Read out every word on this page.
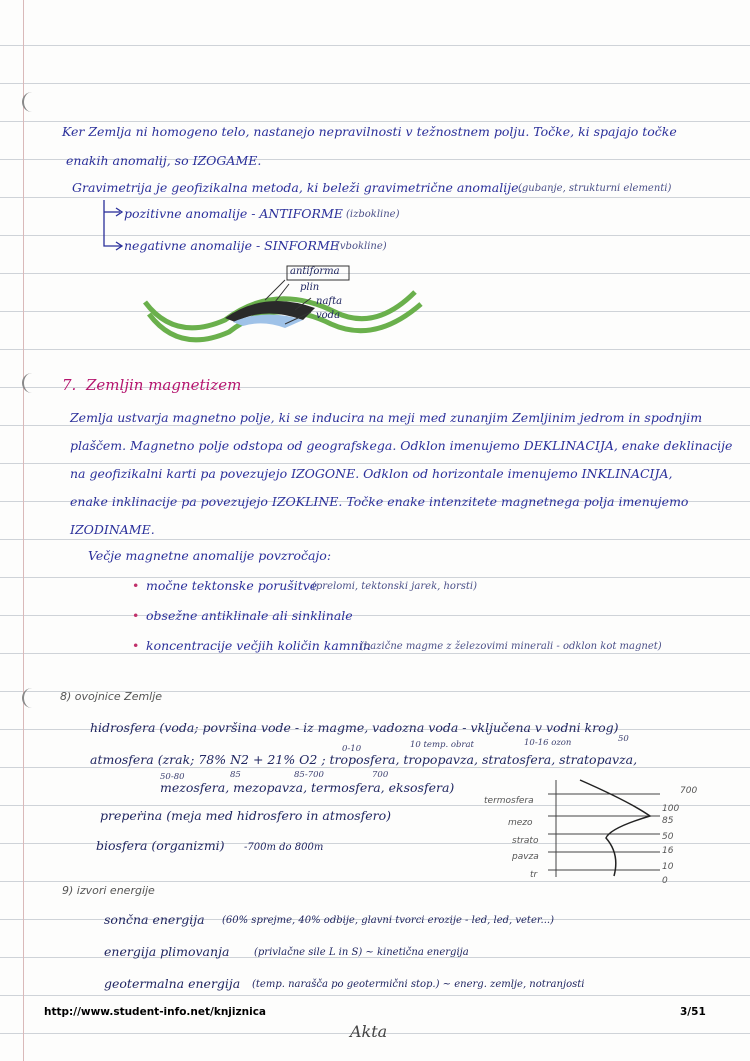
Ker Zemlja ni homogeno telo, nastanejo nepravilnosti v težnostnem polju. Točke, ki spajajo točke
enakih anomalij, so IZOGAME.
Gravimetrija je geofizikalna metoda, ki beleži gravimetrične anomalije.
(gubanje, strukturni elementi)
pozitivne anomalije - ANTIFORME (izbokline)
negativne anomalije - SINFORME
(vbokline)
antiforma
plin
nafta
voda
7. Zemljin magnetizem
Zemlja ustvarja magnetno polje, ki se inducira na meji med zunanjim Zemljinim jedrom in spodnjim
plaščem. Magnetno polje odstopa od geografskega. Odklon imenujemo DEKLINACIJA, enake deklinacije
na geofizikalni karti pa povezujejo IZOGONE. Odklon od horizontale imenujemo INKLINACIJA,
enake inklinacije pa povezujejo IZOKLINE. Točke enake intenzitete magnetnega polja imenujemo
IZODINAME.
Večje magnetne anomalije povzročajo:
• močne tektonske porušitve
(prelomi, tektonski jarek, horsti)
• obsežne antiklinale ali sinklinale
• koncentracije večjih količin kamnin
(bazične magme z železovimi minerali - odklon kot magnet)
8) ovojnice Zemlje
hidrosfera (voda; površina vode - iz magme, vadozna voda - vključena v vodni krog)
0-10	10 temp. obrat	10-16 ozon	50
atmosfera (zrak; 78% N2 + 21% O2 ; troposfera, tropopavza, stratosfera, stratopavza,
50-80	85	85-700	700
mezosfera, mezopavza, termosfera, eksosfera)
prepeṙina (meja med hidrosfero in atmosfero)
biosfera (organizmi) -700m do 800m
termosfera
mezo
strato
pavza
tr
700
100
85
50
16
10
0
9) izvori energije
sončna energija (60% sprejme, 40% odbije, glavni tvorci erozije - led, led, veter...)
energija plimovanja (privlačne sile L in S) ~ kinetična energija
geotermalna energija (temp. narašča po geotermični stop.) ~ energ. zemlje, notranjosti
http://www.student-info.net/knjiznica	3/51
Akta
